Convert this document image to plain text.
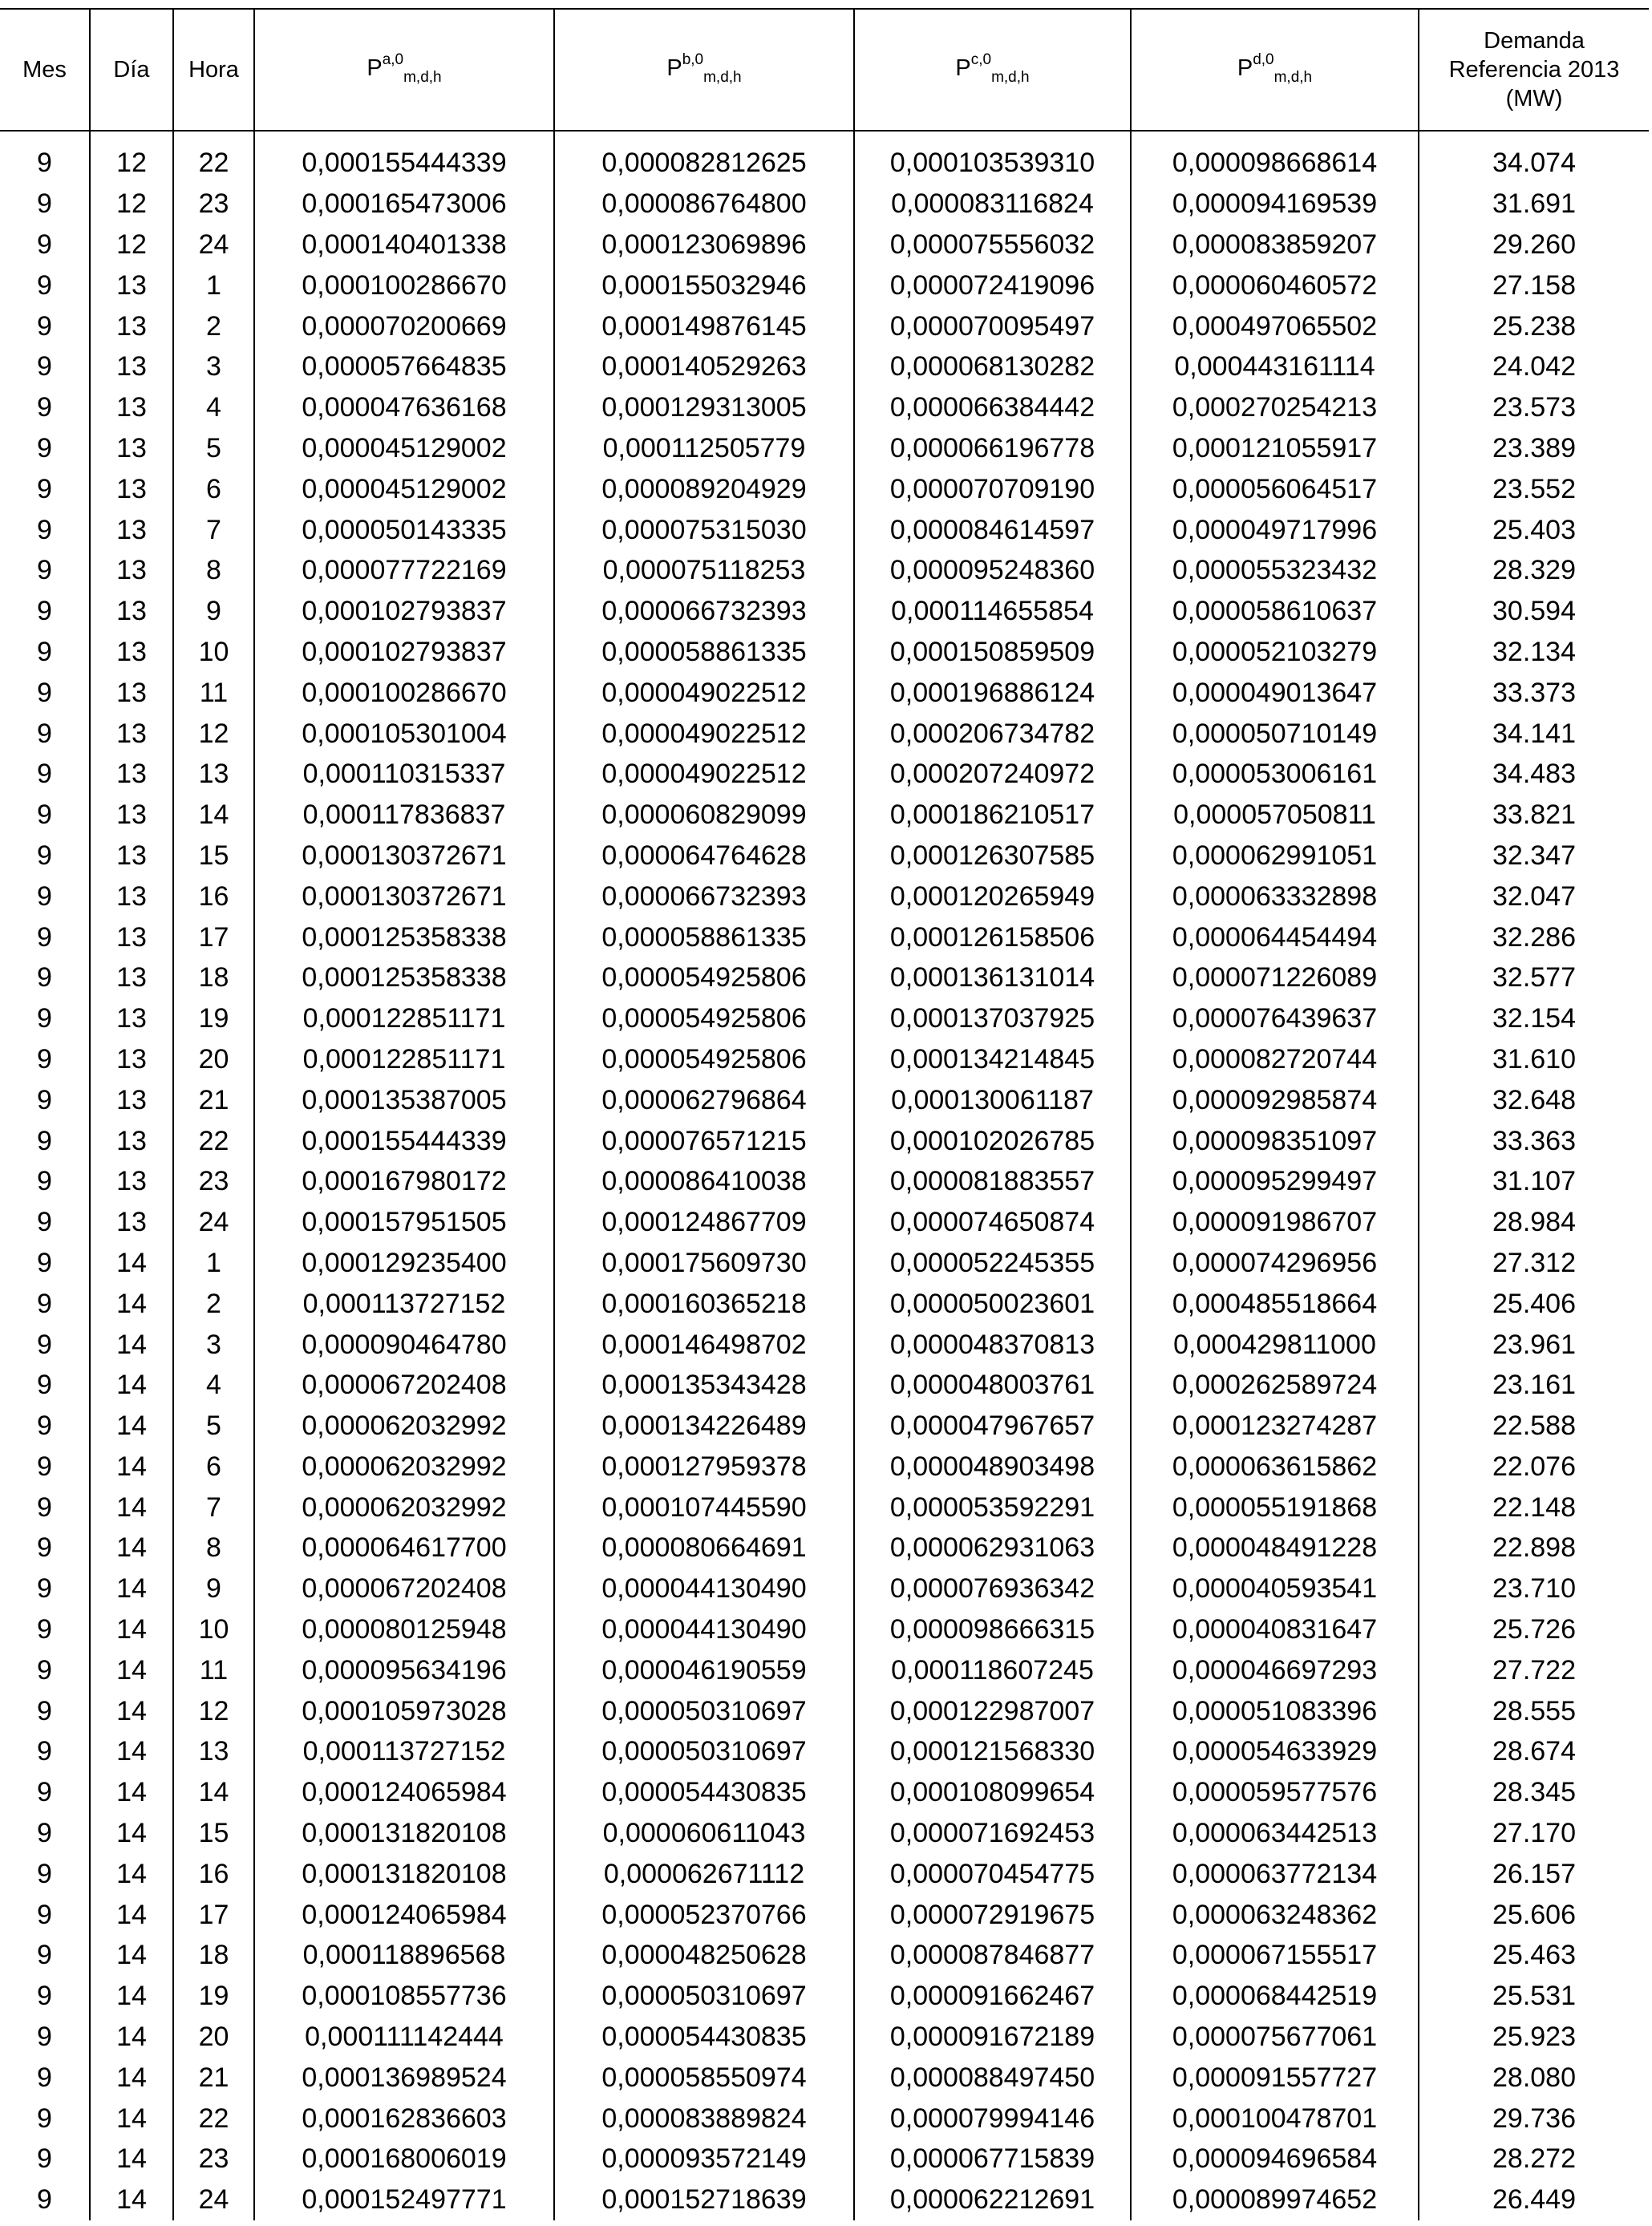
Mes	Día	Hora	P$^{a,0}_{m,d,h}$	P$^{b,0}_{m,d,h}$	P$^{c,0}_{m,d,h}$	P$^{d,0}_{m,d,h}$	Demanda
Referencia 2013
(MW)

9	12	22	0,000155444339	0,000082812625	0,000103539310	0,000098668614	34.074
9	12	23	0,000165473006	0,000086764800	0,000083116824	0,000094169539	31.691
9	12	24	0,000140401338	0,000123069896	0,000075556032	0,000083859207	29.260
9	13	1	0,000100286670	0,000155032946	0,000072419096	0,000060460572	27.158
9	13	2	0,000070200669	0,000149876145	0,000070095497	0,000497065502	25.238
9	13	3	0,000057664835	0,000140529263	0,000068130282	0,000443161114	24.042
9	13	4	0,000047636168	0,000129313005	0,000066384442	0,000270254213	23.573
9	13	5	0,000045129002	0,000112505779	0,000066196778	0,000121055917	23.389
9	13	6	0,000045129002	0,000089204929	0,000070709190	0,000056064517	23.552
9	13	7	0,000050143335	0,000075315030	0,000084614597	0,000049717996	25.403
9	13	8	0,000077722169	0,000075118253	0,000095248360	0,000055323432	28.329
9	13	9	0,000102793837	0,000066732393	0,000114655854	0,000058610637	30.594
9	13	10	0,000102793837	0,000058861335	0,000150859509	0,000052103279	32.134
9	13	11	0,000100286670	0,000049022512	0,000196886124	0,000049013647	33.373
9	13	12	0,000105301004	0,000049022512	0,000206734782	0,000050710149	34.141
9	13	13	0,000110315337	0,000049022512	0,000207240972	0,000053006161	34.483
9	13	14	0,000117836837	0,000060829099	0,000186210517	0,000057050811	33.821
9	13	15	0,000130372671	0,000064764628	0,000126307585	0,000062991051	32.347
9	13	16	0,000130372671	0,000066732393	0,000120265949	0,000063332898	32.047
9	13	17	0,000125358338	0,000058861335	0,000126158506	0,000064454494	32.286
9	13	18	0,000125358338	0,000054925806	0,000136131014	0,000071226089	32.577
9	13	19	0,000122851171	0,000054925806	0,000137037925	0,000076439637	32.154
9	13	20	0,000122851171	0,000054925806	0,000134214845	0,000082720744	31.610
9	13	21	0,000135387005	0,000062796864	0,000130061187	0,000092985874	32.648
9	13	22	0,000155444339	0,000076571215	0,000102026785	0,000098351097	33.363
9	13	23	0,000167980172	0,000086410038	0,000081883557	0,000095299497	31.107
9	13	24	0,000157951505	0,000124867709	0,000074650874	0,000091986707	28.984
9	14	1	0,000129235400	0,000175609730	0,000052245355	0,000074296956	27.312
9	14	2	0,000113727152	0,000160365218	0,000050023601	0,000485518664	25.406
9	14	3	0,000090464780	0,000146498702	0,000048370813	0,000429811000	23.961
9	14	4	0,000067202408	0,000135343428	0,000048003761	0,000262589724	23.161
9	14	5	0,000062032992	0,000134226489	0,000047967657	0,000123274287	22.588
9	14	6	0,000062032992	0,000127959378	0,000048903498	0,000063615862	22.076
9	14	7	0,000062032992	0,000107445590	0,000053592291	0,000055191868	22.148
9	14	8	0,000064617700	0,000080664691	0,000062931063	0,000048491228	22.898
9	14	9	0,000067202408	0,000044130490	0,000076936342	0,000040593541	23.710
9	14	10	0,000080125948	0,000044130490	0,000098666315	0,000040831647	25.726
9	14	11	0,000095634196	0,000046190559	0,000118607245	0,000046697293	27.722
9	14	12	0,000105973028	0,000050310697	0,000122987007	0,000051083396	28.555
9	14	13	0,000113727152	0,000050310697	0,000121568330	0,000054633929	28.674
9	14	14	0,000124065984	0,000054430835	0,000108099654	0,000059577576	28.345
9	14	15	0,000131820108	0,000060611043	0,000071692453	0,000063442513	27.170
9	14	16	0,000131820108	0,000062671112	0,000070454775	0,000063772134	26.157
9	14	17	0,000124065984	0,000052370766	0,000072919675	0,000063248362	25.606
9	14	18	0,000118896568	0,000048250628	0,000087846877	0,000067155517	25.463
9	14	19	0,000108557736	0,000050310697	0,000091662467	0,000068442519	25.531
9	14	20	0,000111142444	0,000054430835	0,000091672189	0,000075677061	25.923
9	14	21	0,000136989524	0,000058550974	0,000088497450	0,000091557727	28.080
9	14	22	0,000162836603	0,000083889824	0,000079994146	0,000100478701	29.736
9	14	23	0,000168006019	0,000093572149	0,000067715839	0,000094696584	28.272
9	14	24	0,000152497771	0,000152718639	0,000062212691	0,000089974652	26.449
